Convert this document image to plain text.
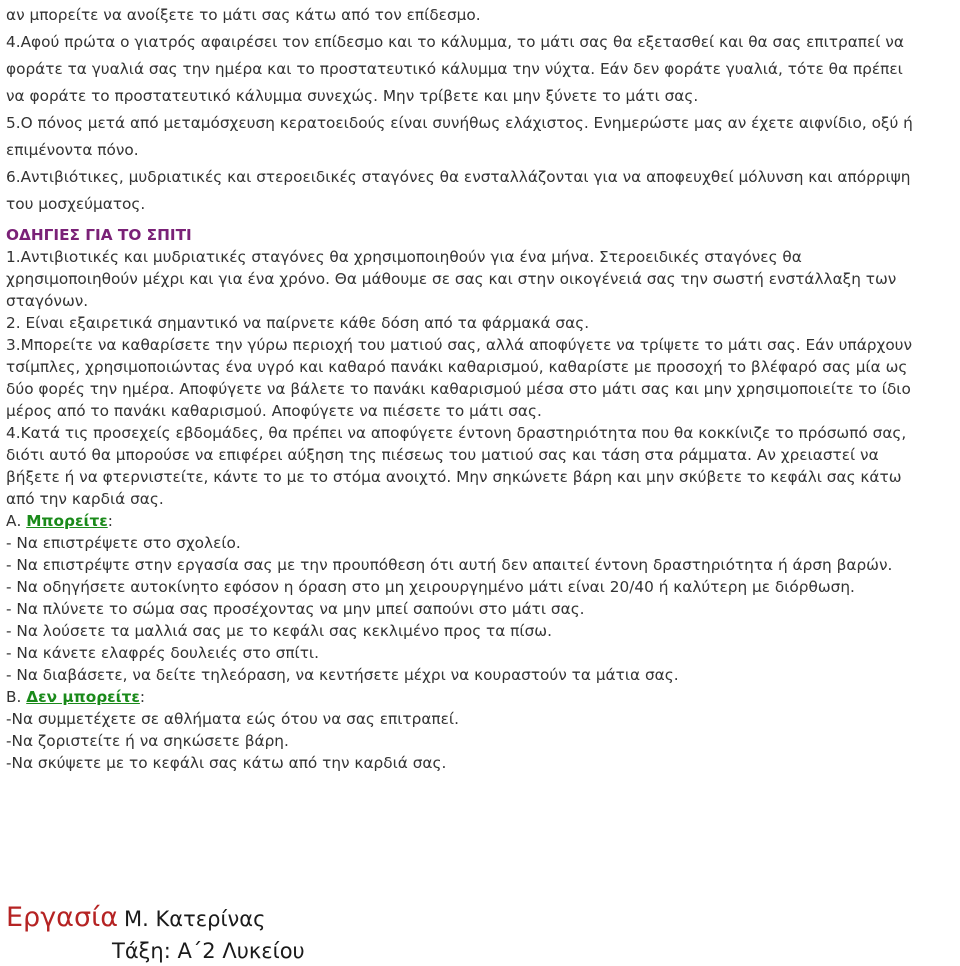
αν μπορείτε να ανοίξετε το μάτι σας κάτω από τον επίδεσμο.

4.Αφού πρώτα ο γιατρός αφαιρέσει τον επίδεσμο και το κάλυμμα, το μάτι σας θα εξετασθεί και θα σας επιτραπεί να

φοράτε τα γυαλιά σας την ημέρα και το προστατευτικό κάλυμμα την νύχτα. Εάν δεν φοράτε γυαλιά, τότε θα πρέπει

να φοράτε το προστατευτικό κάλυμμα συνεχώς. Μην τρίβετε και μην ξύνετε το μάτι σας.

5.Ο πόνος μετά από μεταμόσχευση κερατοειδούς είναι συνήθως ελάχιστος. Ενημερώστε μας αν έχετε αιφνίδιο, οξύ ή

επιμένοντα πόνο.

6.Αντιβιότικες, μυδριατικές και στεροειδικές σταγόνες θα ενσταλλάζονται για να αποφευχθεί μόλυνση και απόρριψη

του μοσχεύματος.

ΟΔΗΓΙΕΣ ΓΙΑ ΤΟ ΣΠΙΤΙ

1.Αντιβιοτικές και μυδριατικές σταγόνες θα χρησιμοποιηθούν για ένα μήνα. Στεροειδικές σταγόνες θα

χρησιμοποιηθούν μέχρι και για ένα χρόνο. Θα μάθουμε σε σας και στην οικογένειά σας την σωστή ενστάλλαξη των

σταγόνων.

2. Είναι εξαιρετικά σημαντικό να παίρνετε κάθε δόση από τα φάρμακά σας.

3.Μπορείτε να καθαρίσετε την γύρω περιοχή του ματιού σας, αλλά αποφύγετε να τρίψετε το μάτι σας. Εάν υπάρχουν

τσίμπλες, χρησιμοποιώντας ένα υγρό και καθαρό πανάκι καθαρισμού, καθαρίστε με προσοχή το βλέφαρό σας μία ως

δύο φορές την ημέρα. Αποφύγετε να βάλετε το πανάκι καθαρισμού μέσα στο μάτι σας και μην χρησιμοποιείτε το ίδιο

μέρος από το πανάκι καθαρισμού. Αποφύγετε να πιέσετε το μάτι σας.

4.Κατά τις προσεχείς εβδομάδες, θα πρέπει να αποφύγετε έντονη δραστηριότητα που θα κοκκίνιζε το πρόσωπό σας,

διότι αυτό θα μπορούσε να επιφέρει αύξηση της πιέσεως του ματιού σας και τάση στα ράμματα. Αν χρειαστεί να

βήξετε ή να φτερνιστείτε, κάντε το με το στόμα ανοιχτό. Μην σηκώνετε βάρη και μην σκύβετε το κεφάλι σας κάτω

από την καρδιά σας.

Α. Μπορείτε:

- Να επιστρέψετε στο σχολείο.

- Να επιστρέψτε στην εργασία σας με την προυπόθεση ότι αυτή δεν απαιτεί έντονη δραστηριότητα ή άρση βαρών.

- Να οδηγήσετε αυτοκίνητο εφόσον η όραση στο μη χειρουργημένο μάτι είναι 20/40 ή καλύτερη με διόρθωση.

- Να πλύνετε το σώμα σας προσέχοντας να μην μπεί σαπούνι στο μάτι σας.

- Να λούσετε τα μαλλιά σας με το κεφάλι σας κεκλιμένο προς τα πίσω.

- Να κάνετε ελαφρές δουλειές στο σπίτι.

- Να διαβάσετε, να δείτε τηλεόραση, να κεντήσετε μέχρι να κουραστούν τα μάτια σας.

Β. Δεν μπορείτε:

-Να συμμετέχετε σε αθλήματα εώς ότου να σας επιτραπεί.

-Να ζοριστείτε ή να σηκώσετε βάρη.

-Να σκύψετε με το κεφάλι σας κάτω από την καρδιά σας.

Εργασία Μ. Κατερίνας
Τάξη: Α΄2 Λυκείου
